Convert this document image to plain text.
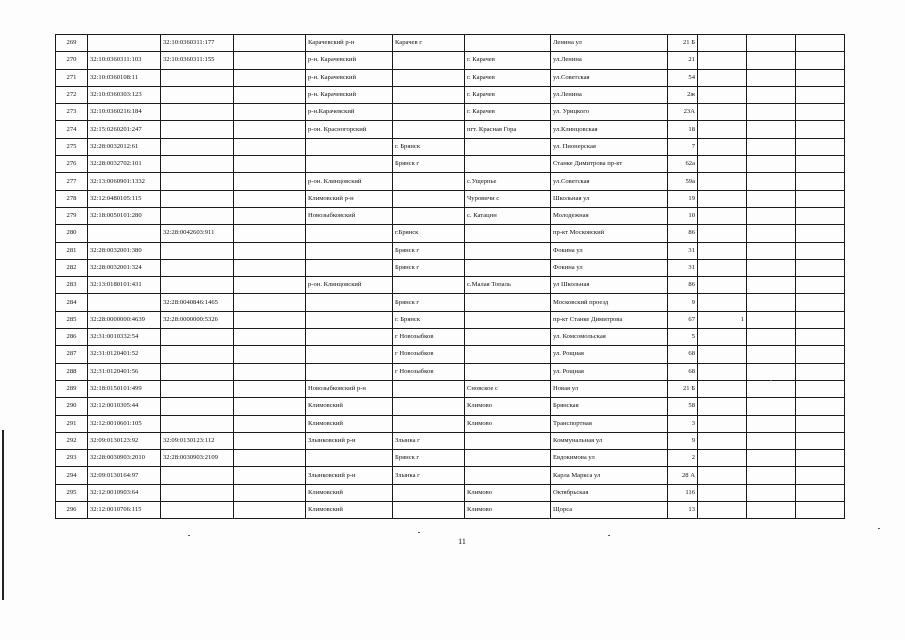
269		32:10:0360311:177		Карачевский р-н	Карачев г		Ленина ул	21 Б			
270	32:10:0360311:103	32:10:0360311:155		р-н. Карачевский		г. Карачев	ул.Ленина	21			
271	32:10:0360108:11			р-н. Карачевский		г. Карачев	ул.Советская	54			
272	32:10:0360303:123			р-н. Карачевский		г. Карачев	ул.Ленина	2ж			
273	32:10:0360216:184			р-н.Карачевский		г. Карачев	ул. Урицкого	23А			
274	32:15:0260201:247			р-он. Красногорский		пгт. Красная Гора	ул.Клинцовская	18			
275	32:28:0032012:61				г. Брянск		ул. Пионерская	7			
276	32:28:0032702:101				Брянск г		Станке Димитрова пр-кт	62а			
277	32:13:0060901:1332			р-он. Клинцовский		с.Ущерпье	ул.Советская	59а			
278	32:12:0480105:115			Климовский р-н		Чуровичи с	Школьная ул	19			
279	32:18:0050101:280			Новозыбковский		с. Катацнн	Молодежная	10			
280		32:28:0042603:911			г.Брянск		пр-кт Московский	86			
281	32:28:0032001:380				Брянск г		Фокина ул	31			
282	32:28:0032001:324				Брянск г		Фокина ул	31			
283	32:13:0180101:431			р-он. Клинцовский		с.Малая Топаль	ул Школьная	86			
284		32:28:0040846:1465			Брянск г		Московский проезд	9			
285	32:28:0000000:4639	32:28:0000000:5326			г. Брянск		пр-кт Станке Димитрова	67	1		
286	32:31:0010332:54				г Новозыбков		ул. Комсомольская	5			
287	32:31:0120401:52				г Новозыбков		ул. Рощная	68			
288	32:31:0120401:56				г Новозыбков		ул. Рощная	68			
289	32:18:0150101:499			Новозыбковский р-н		Сновское с	Новая ул	21 Б			
290	32:12:0010305:44			Климовский		Климово	Брянская	58			
291	32:12:0010601:105			Климовский		Климово	Транспортная	3			
292	32:09:0130123:92	32:09:0130123:112		Злынковский р-н	Злынка г		Коммунальная ул	9			
293	32:28:0030903:2010	32:28:0030903:2109			Брянск г		Евдокимова ул	2			
294	32:09:0130164:97			Злынковский р-н	Злынка г		Карла Маркса ул	28 А			
295	32:12:0010903:64			Климовский		Климово	Октябрьская	116			
296	32:12:0010706:115			Климовский		Климово	Щорса	13			
11
